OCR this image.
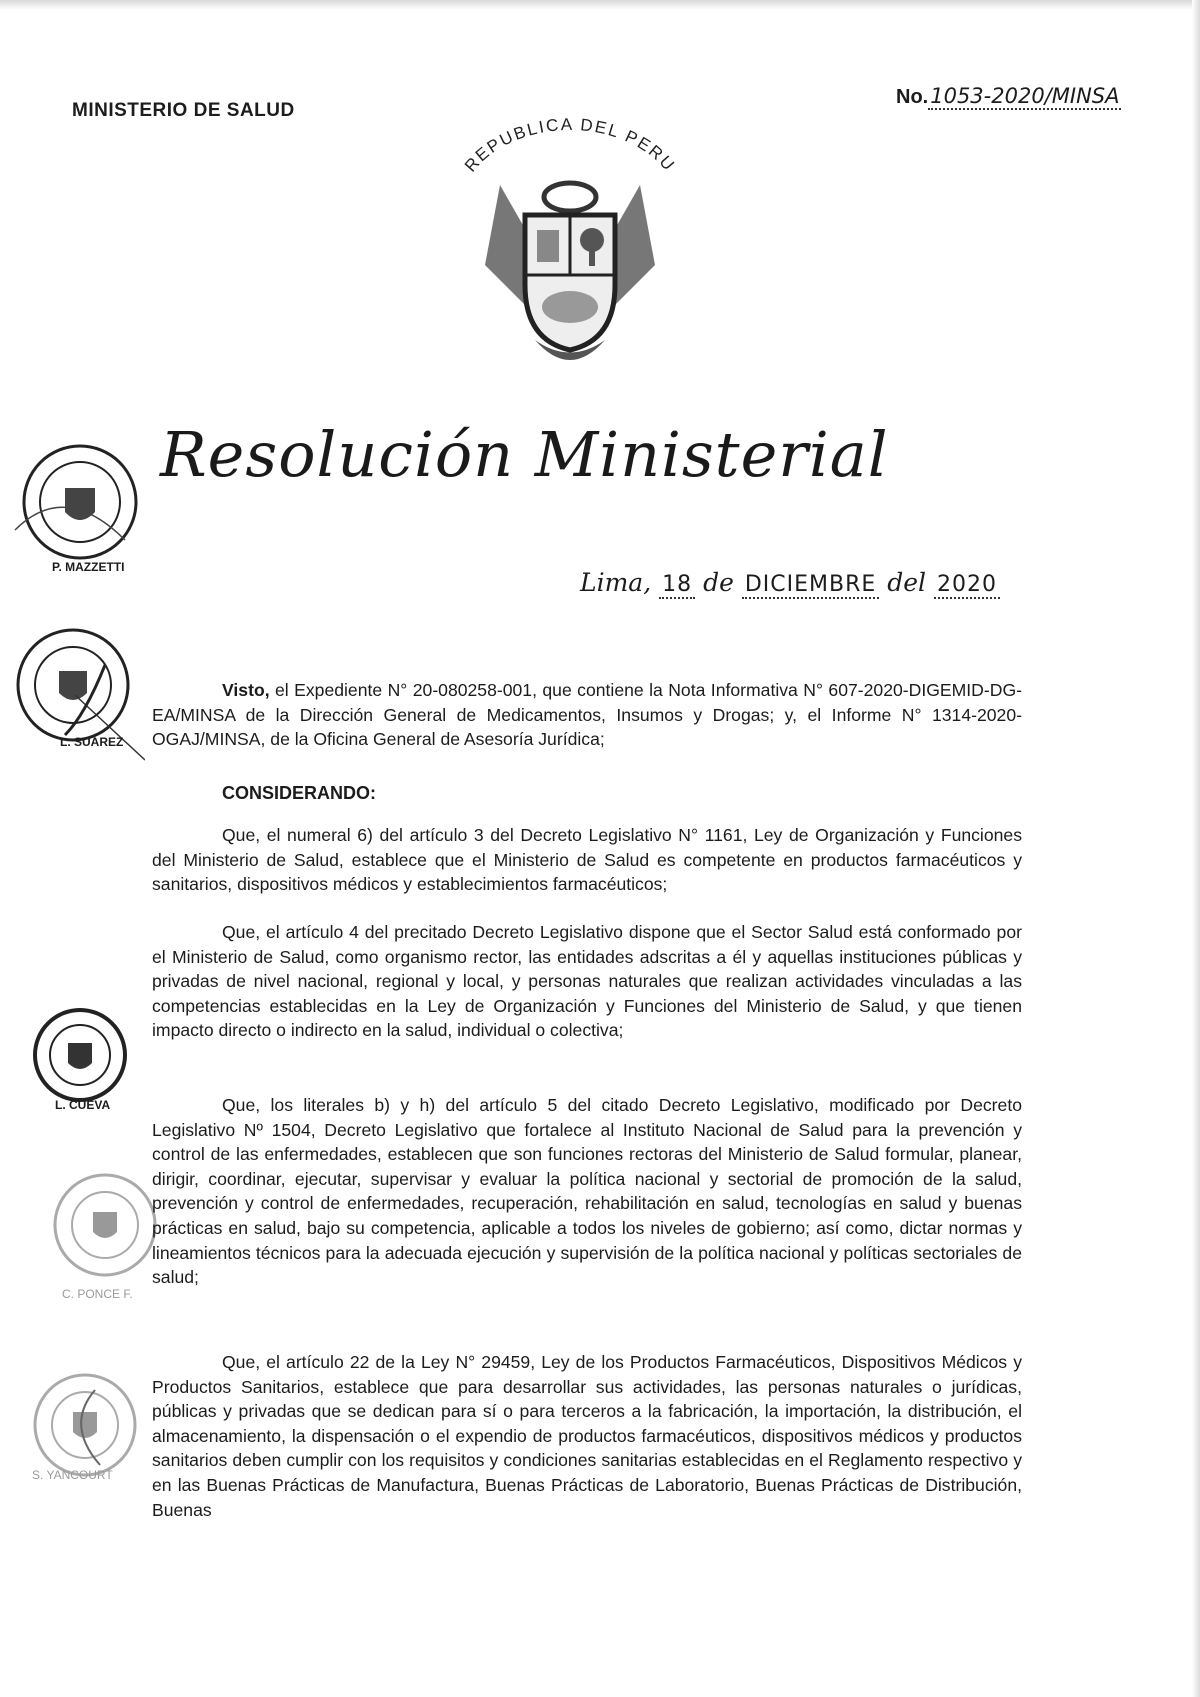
MINISTERIO DE SALUD
No.1053-2020/MINSA
REPUBLICA DEL PERU
Resolución Ministerial
Lima, 18 de DICIEMBRE del 2020
P. MAZZETTI
L. SUÁREZ
L. CUEVA
C. PONCE F.
S. YANCOURT

Visto, el Expediente N° 20-080258-001, que contiene la Nota Informativa N° 607-2020-DIGEMID-DG-EA/MINSA de la Dirección General de Medicamentos, Insumos y Drogas; y, el Informe N° 1314-2020-OGAJ/MINSA, de la Oficina General de Asesoría Jurídica;

CONSIDERANDO:

Que, el numeral 6) del artículo 3 del Decreto Legislativo N° 1161, Ley de Organización y Funciones del Ministerio de Salud, establece que el Ministerio de Salud es competente en productos farmacéuticos y sanitarios, dispositivos médicos y establecimientos farmacéuticos;

Que, el artículo 4 del precitado Decreto Legislativo dispone que el Sector Salud está conformado por el Ministerio de Salud, como organismo rector, las entidades adscritas a él y aquellas instituciones públicas y privadas de nivel nacional, regional y local, y personas naturales que realizan actividades vinculadas a las competencias establecidas en la Ley de Organización y Funciones del Ministerio de Salud, y que tienen impacto directo o indirecto en la salud, individual o colectiva;

Que, los literales b) y h) del artículo 5 del citado Decreto Legislativo, modificado por Decreto Legislativo Nº 1504, Decreto Legislativo que fortalece al Instituto Nacional de Salud para la prevención y control de las enfermedades, establecen que son funciones rectoras del Ministerio de Salud formular, planear, dirigir, coordinar, ejecutar, supervisar y evaluar la política nacional y sectorial de promoción de la salud, prevención y control de enfermedades, recuperación, rehabilitación en salud, tecnologías en salud y buenas prácticas en salud, bajo su competencia, aplicable a todos los niveles de gobierno; así como, dictar normas y lineamientos técnicos para la adecuada ejecución y supervisión de la política nacional y políticas sectoriales de salud;

Que, el artículo 22 de la Ley N° 29459, Ley de los Productos Farmacéuticos, Dispositivos Médicos y Productos Sanitarios, establece que para desarrollar sus actividades, las personas naturales o jurídicas, públicas y privadas que se dedican para sí o para terceros a la fabricación, la importación, la distribución, el almacenamiento, la dispensación o el expendio de productos farmacéuticos, dispositivos médicos y productos sanitarios deben cumplir con los requisitos y condiciones sanitarias establecidas en el Reglamento respectivo y en las Buenas Prácticas de Manufactura, Buenas Prácticas de Laboratorio, Buenas Prácticas de Distribución, Buenas
